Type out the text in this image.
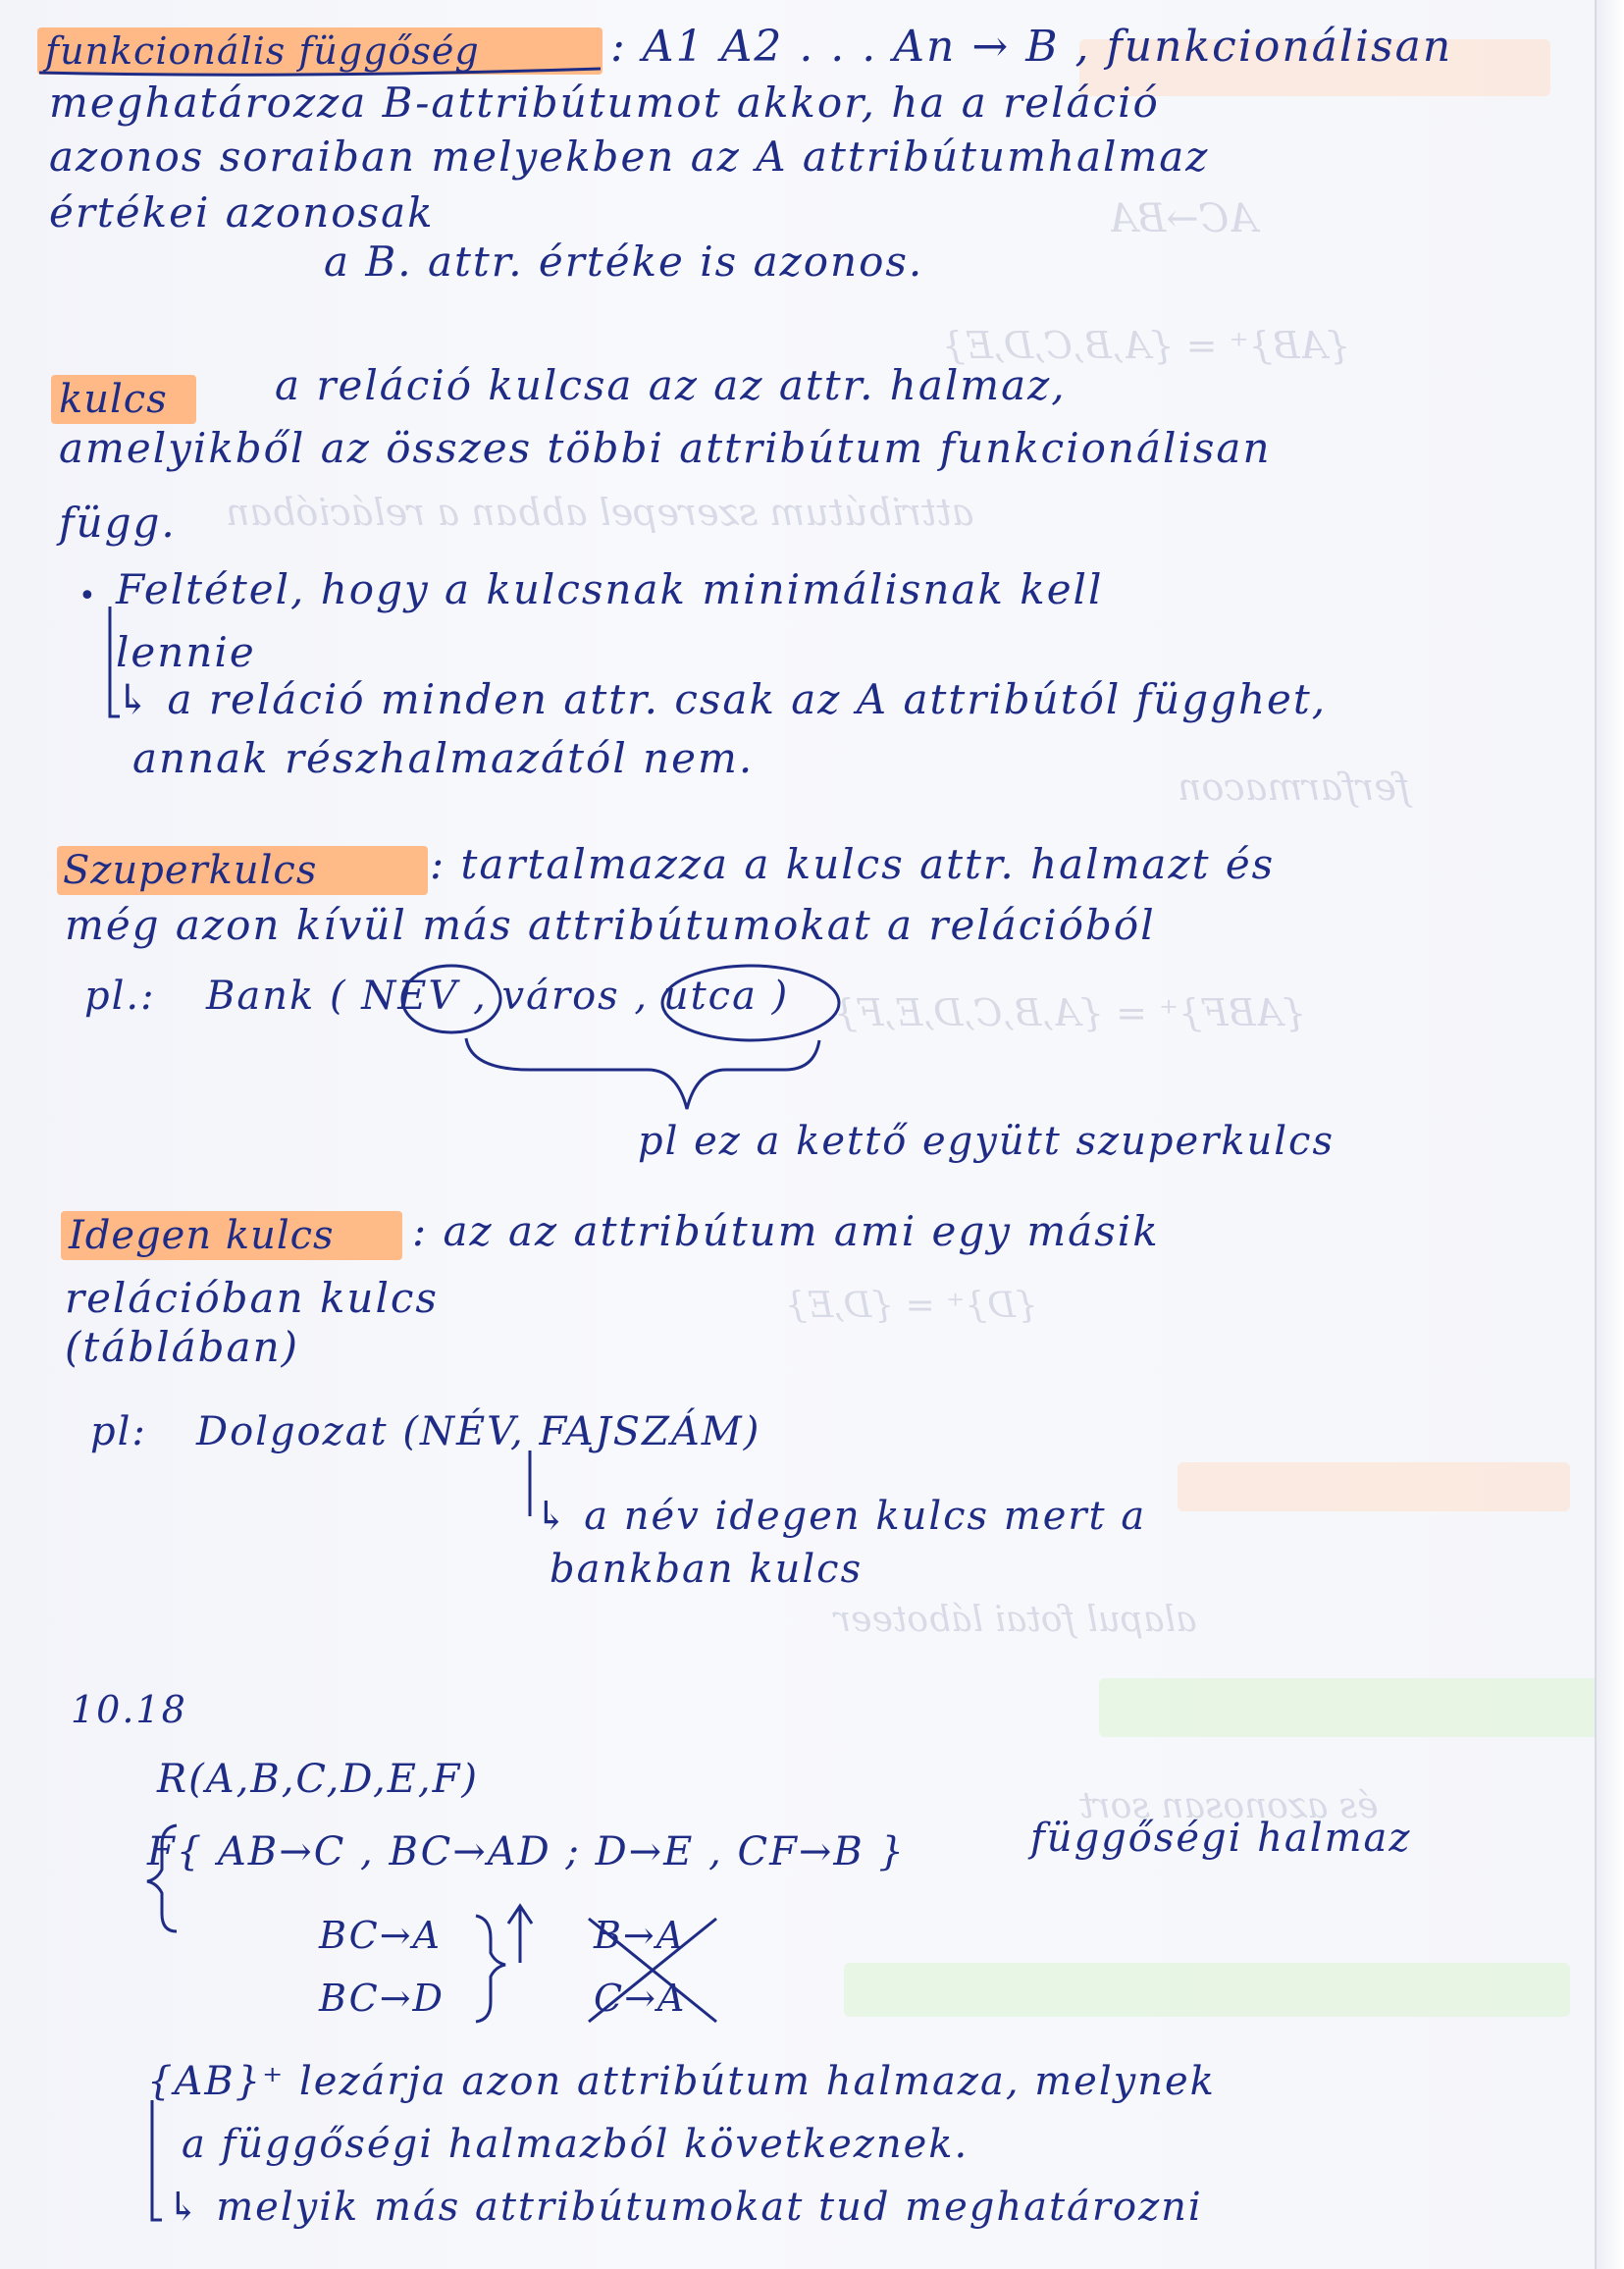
AC→BA
{AB}⁺ = {A,B,C,D,E}
attribútum szerepel abban a relációban
ferfarmacon
{ABF}⁺ = {A,B,C,D,E,F}
{D}⁺ = {D,E}
alapul fotai láboteer
és azonosan sort
funkcionális függőség	: A1 A2 . . . An → B , funkcionálisan
meghatározza B-attribútumot akkor, ha a reláció
azonos soraiban melyekben az A attribútumhalmaz
értékei azonosak
a B. attr. értéke is azonos.
kulcs	a reláció kulcsa az az attr. halmaz,
amelyikből az összes többi attribútum funkcionálisan
függ.
• Feltétel, hogy a kulcsnak minimálisnak kell
lennie
↳ a reláció minden attr. csak az A attribútól függhet,
annak részhalmazától nem.
Szuperkulcs	: tartalmazza a kulcs attr. halmazt és
még azon kívül más attribútumokat a relációból
pl.: Bank ( NÉV , város , utca )
pl ez a kettő együtt szuperkulcs
Idegen kulcs : az az attribútum ami egy másik
relációban kulcs
(táblában)
pl: Dolgozat (NÉV, FAJSZÁM)
↳ a név idegen kulcs mert a
bankban kulcs
10.18
R(A,B,C,D,E,F)
F{ AB→C , BC→AD ; D→E , CF→B }	függőségi halmaz
BC→A
BC→D
B→A
C→A
{AB}⁺ lezárja azon attribútum halmaza, melynek
a függőségi halmazból következnek.
↳ melyik más attribútumokat tud meghatározni
